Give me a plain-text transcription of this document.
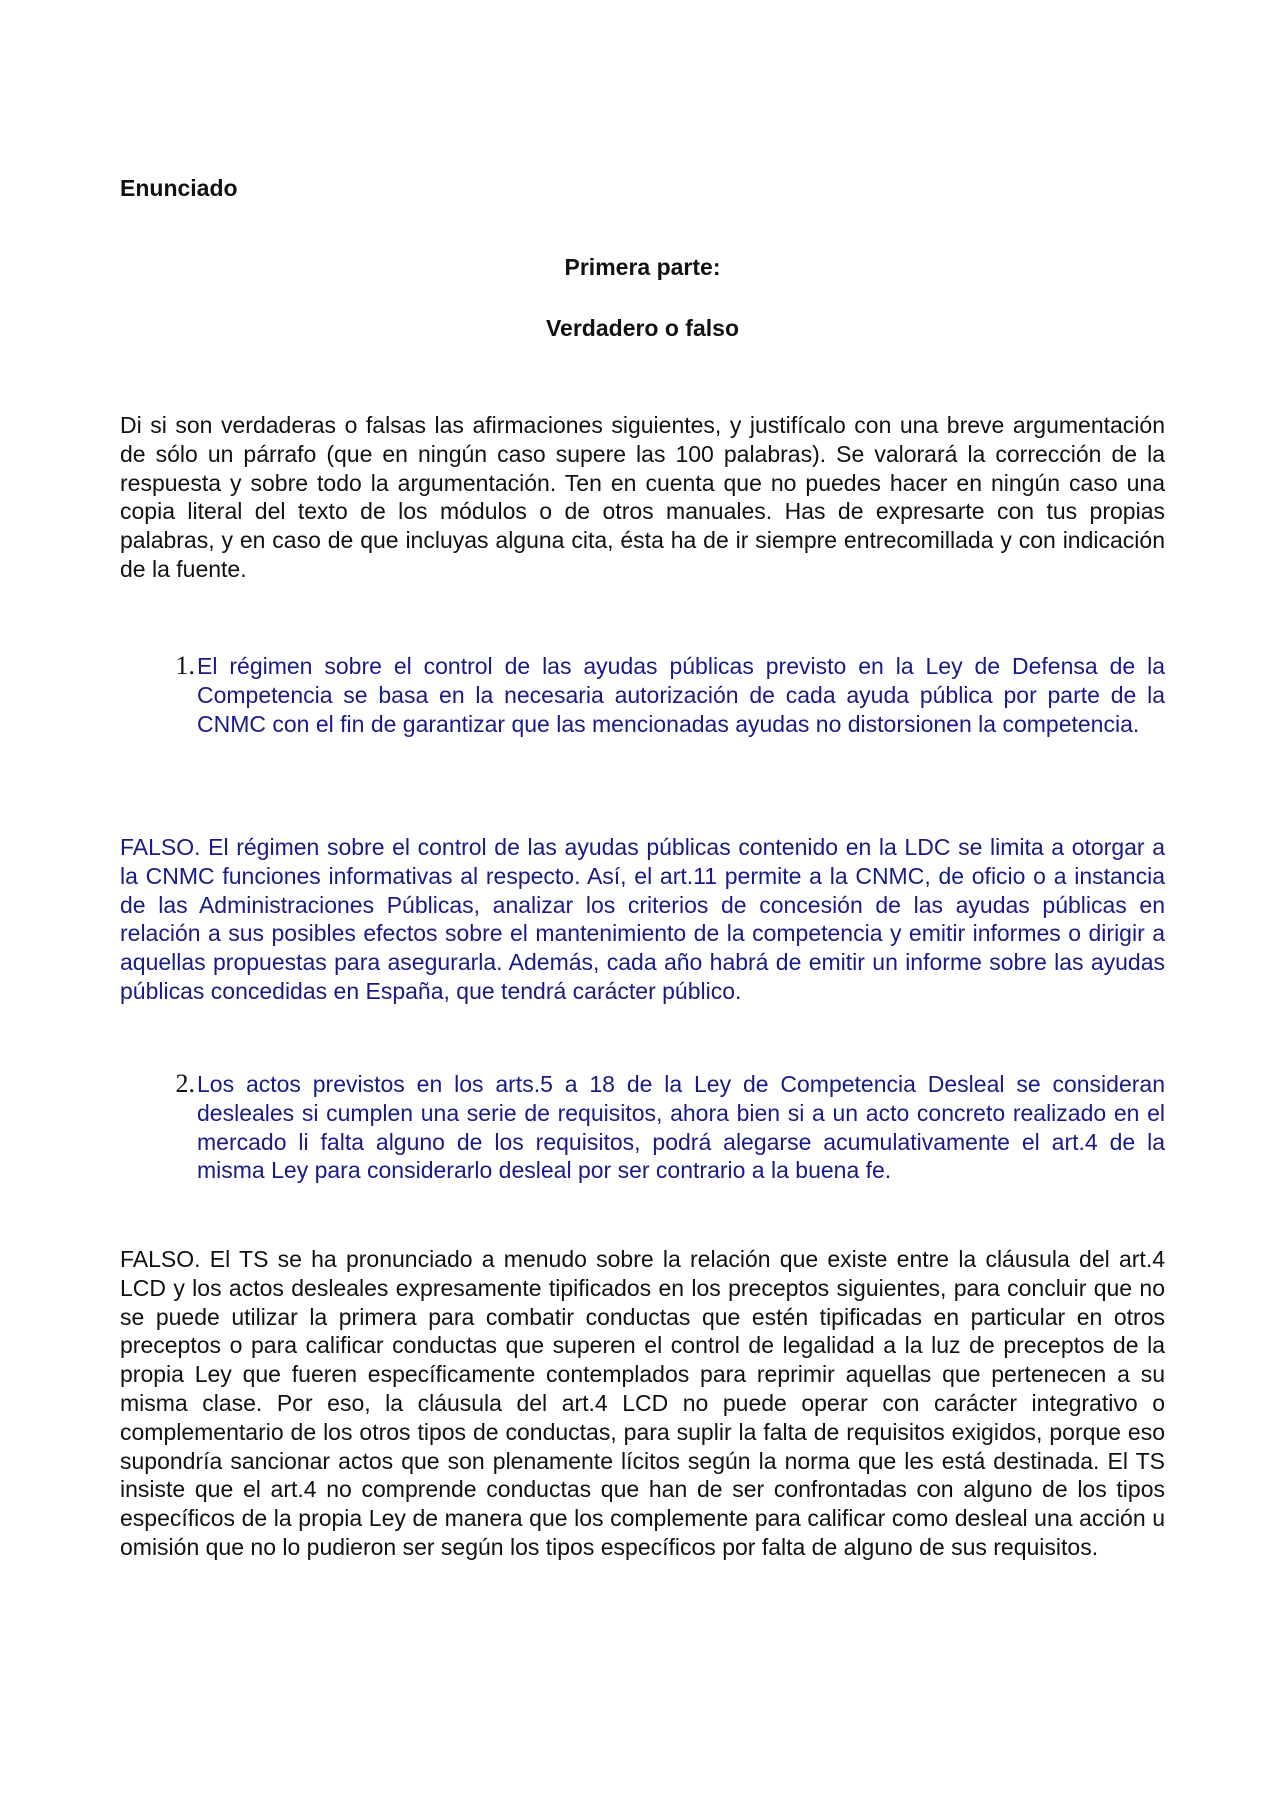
Enunciado
Primera parte:
Verdadero o falso

Di si son verdaderas o falsas las afirmaciones siguientes, y justifícalo con una breve argumentación de sólo un párrafo (que en ningún caso supere las 100 palabras). Se valorará la corrección de la respuesta y sobre todo la argumentación. Ten en cuenta que no puedes hacer en ningún caso una copia literal del texto de los módulos o de otros manuales. Has de expresarte con tus propias palabras, y en caso de que incluyas alguna cita, ésta ha de ir siempre entrecomillada y con indicación de la fuente.

1. El régimen sobre el control de las ayudas públicas previsto en la Ley de Defensa de la Competencia se basa en la necesaria autorización de cada ayuda pública por parte de la CNMC con el fin de garantizar que las mencionadas ayudas no distorsionen la competencia.

FALSO. El régimen sobre el control de las ayudas públicas contenido en la LDC se limita a otorgar a la CNMC funciones informativas al respecto. Así, el art.11 permite a la CNMC, de oficio o a instancia de las Administraciones Públicas, analizar los criterios de concesión de las ayudas públicas en relación a sus posibles efectos sobre el mantenimiento de la competencia y emitir informes o dirigir a aquellas propuestas para asegurarla. Además, cada año habrá de emitir un informe sobre las ayudas públicas concedidas en España, que tendrá carácter público.

2. Los actos previstos en los arts.5 a 18 de la Ley de Competencia Desleal se consideran desleales si cumplen una serie de requisitos, ahora bien si a un acto concreto realizado en el mercado li falta alguno de los requisitos, podrá alegarse acumulativamente el art.4 de la misma Ley para considerarlo desleal por ser contrario a la buena fe.

FALSO. El TS se ha pronunciado a menudo sobre la relación que existe entre la cláusula del art.4 LCD y los actos desleales expresamente tipificados en los preceptos siguientes, para concluir que no se puede utilizar la primera para combatir conductas que estén tipificadas en particular en otros preceptos o para calificar conductas que superen el control de legalidad a la luz de preceptos de la propia Ley que fueren específicamente contemplados para reprimir aquellas que pertenecen a su misma clase. Por eso, la cláusula del art.4 LCD no puede operar con carácter integrativo o complementario de los otros tipos de conductas, para suplir la falta de requisitos exigidos, porque eso supondría sancionar actos que son plenamente lícitos según la norma que les está destinada. El TS insiste que el art.4 no comprende conductas que han de ser confrontadas con alguno de los tipos específicos de la propia Ley de manera que los complemente para calificar como desleal una acción u omisión que no lo pudieron ser según los tipos específicos por falta de alguno de sus requisitos.
